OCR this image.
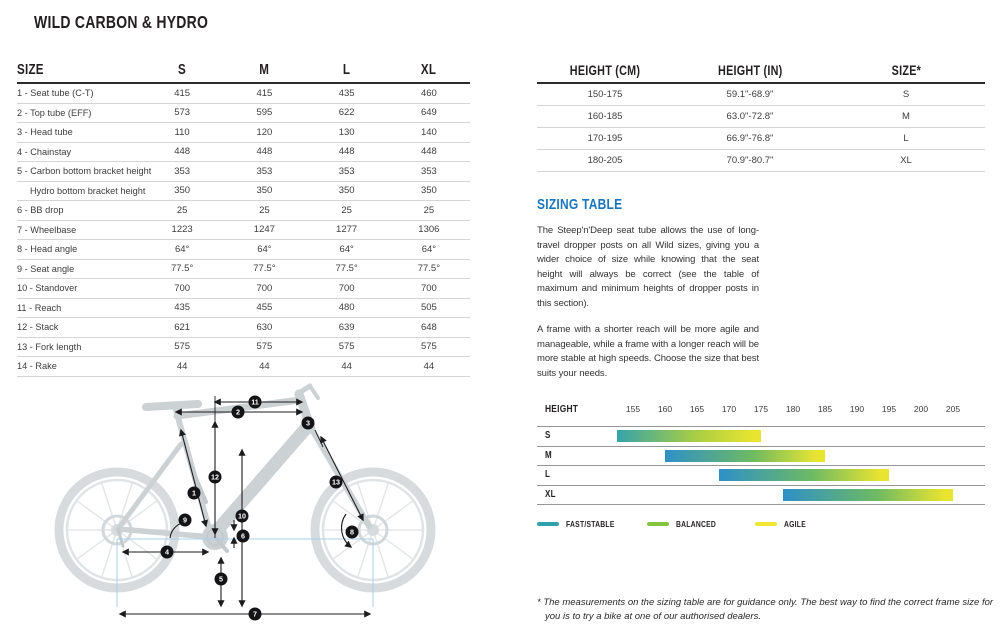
WILD CARBON & HYDRO
SIZE	S	M	L	XL
1 - Seat tube (C-T)	415	415	435	460
2 - Top tube (EFF)	573	595	622	649
3 - Head tube	110	120	130	140
4 - Chainstay	448	448	448	448
5 - Carbon bottom bracket height	353	353	353	353
Hydro bottom bracket height	350	350	350	350
6 - BB drop	25	25	25	25
7 - Wheelbase	1223	1247	1277	1306
8 - Head angle	64°	64°	64°	64°
9 - Seat angle	77.5°	77.5°	77.5°	77.5°
10 - Standover	700	700	700	700
11 - Reach	435	455	480	505
12 - Stack	621	630	639	648
13 - Fork length	575	575	575	575
14 - Rake	44	44	44	44
HEIGHT (CM)	HEIGHT (IN)	SIZE*
150-175	59.1"-68.9"	S
160-185	63.0"-72.8"	M
170-195	66.9"-76.8"	L
180-205	70.9"-80.7"	XL
SIZING TABLE

The Steep'n'Deep seat tube allows the use of long-travel dropper posts on all Wild sizes, giving you a wider choice of size while knowing that the seat height will always be correct (see the table of maximum and minimum heights of dropper posts in this section).

A frame with a shorter reach will be more agile and manageable, while a frame with a longer reach will be more stable at high speeds. Choose the size that best suits your needs.

HEIGHT	155 160 165 170 175 180 185 190 195 200 205
S
M
L
XL
FAST/STABLE	BALANCED	AGILE
* The measurements on the sizing table are for guidance only. The best way to find the correct frame size for you is to try a bike at one of our authorised dealers.
1
2
3
4
5
6
7
8
9	10
11
12
13
